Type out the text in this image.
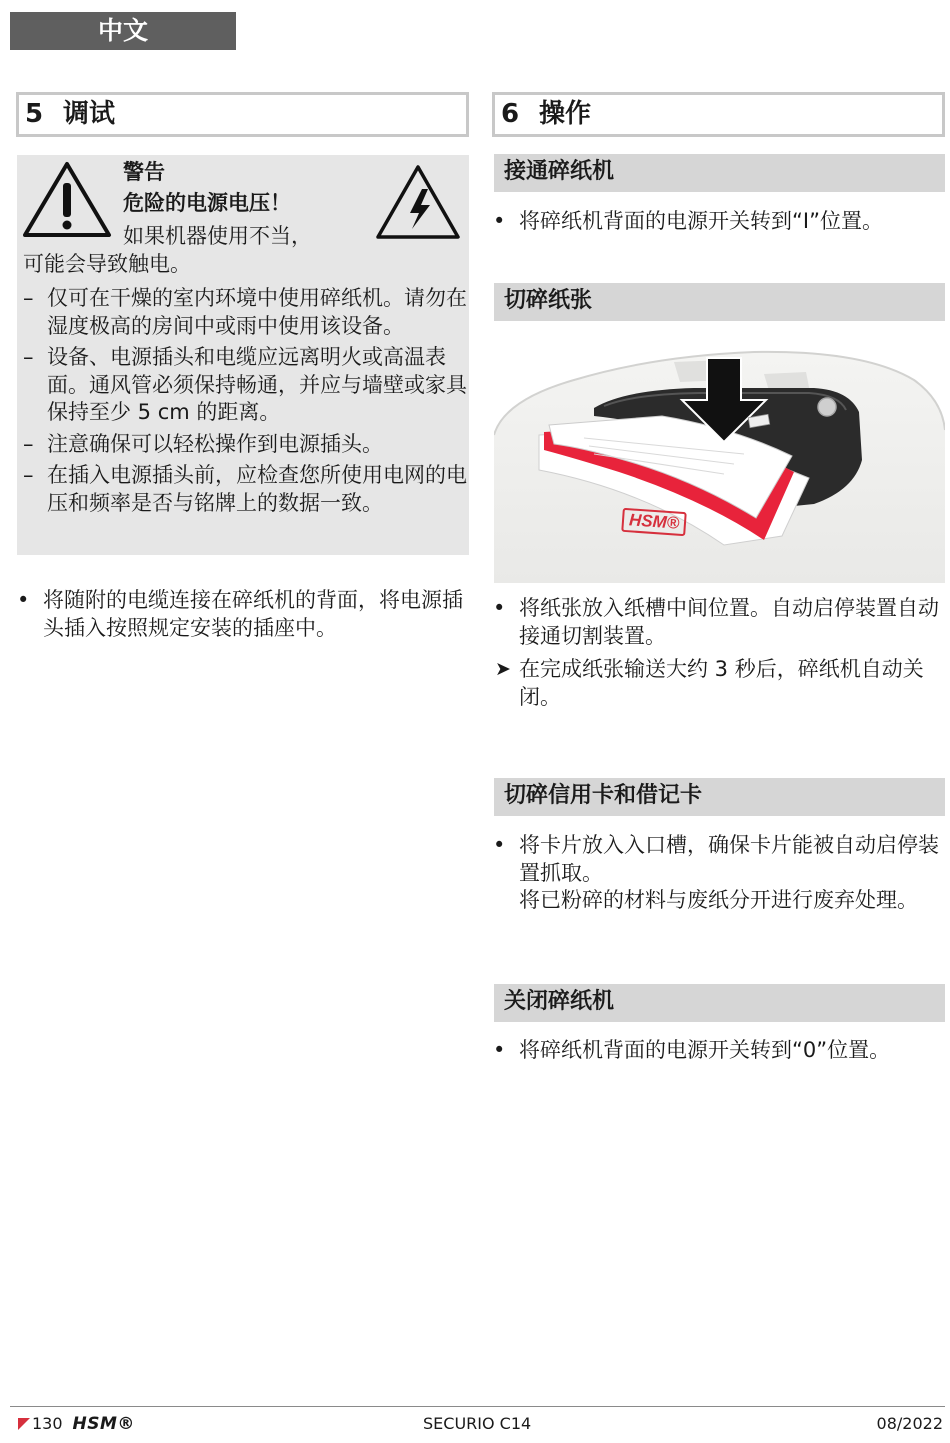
中文
5 调试	6 操作
警告
危险的电源电压！
如果机器使用不当，
可能会导致触电。
– 仅可在干燥的室内环境中使用碎纸机。请勿在湿度极高的房间中或雨中使用该设备。
– 设备、电源插头和电缆应远离明火或高温表面。通风管必须保持畅通，并应与墙壁或家具保持至少 5 cm 的距离。
– 注意确保可以轻松操作到电源插头。
– 在插入电源插头前，应检查您所使用电网的电压和频率是否与铭牌上的数据一致。
• 将随附的电缆连接在碎纸机的背面，将电源插头插入按照规定安装的插座中。
接通碎纸机
• 将碎纸机背面的电源开关转到“I”位置。
切碎纸张
HSM®
• 将纸张放入纸槽中间位置。自动启停装置自动接通切割装置。
➤ 在完成纸张输送大约 3 秒后，碎纸机自动关闭。
切碎信用卡和借记卡
• 将卡片放入入口槽，确保卡片能被自动启停装置抓取。
将已粉碎的材料与废纸分开进行废弃处理。
关闭碎纸机
• 将碎纸机背面的电源开关转到“0”位置。
130 HSM®	SECURIO C14	08/2022
